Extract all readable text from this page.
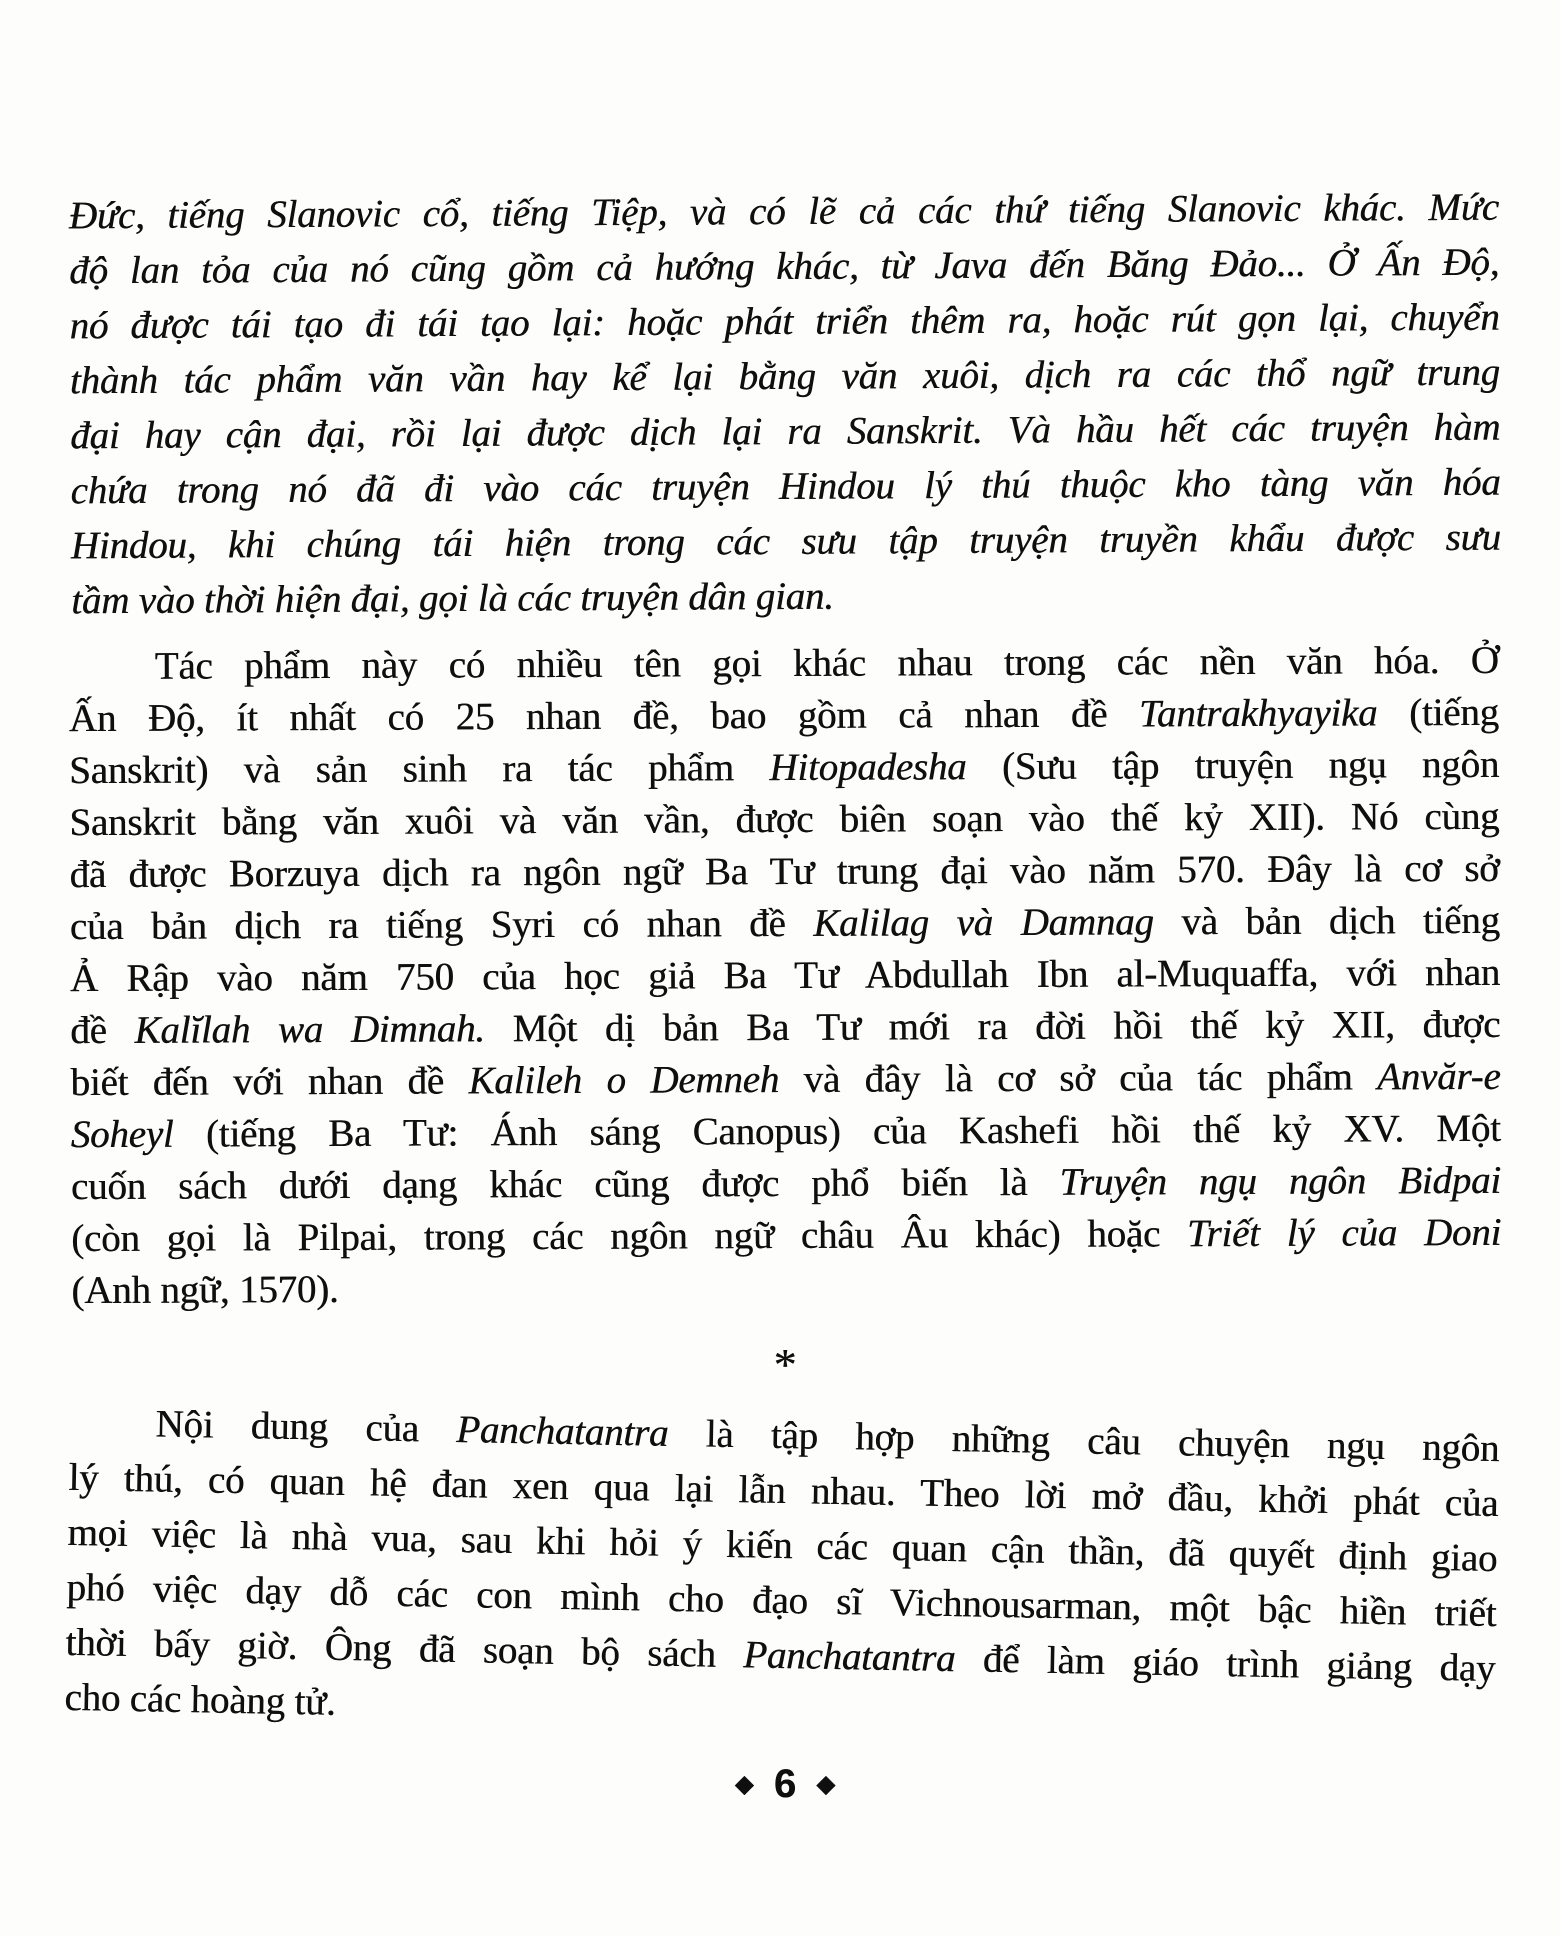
Đức, tiếng Slanovic cổ, tiếng Tiệp, và có lẽ cả các thứ tiếng Slanovic khác. Mức
độ lan tỏa của nó cũng gồm cả hướng khác, từ Java đến Băng Đảo... Ở Ấn Độ,
nó được tái tạo đi tái tạo lại: hoặc phát triển thêm ra, hoặc rút gọn lại, chuyển
thành tác phẩm văn vần hay kể lại bằng văn xuôi, dịch ra các thổ ngữ trung
đại hay cận đại, rồi lại được dịch lại ra Sanskrit. Và hầu hết các truyện hàm
chứa trong nó đã đi vào các truyện Hindou lý thú thuộc kho tàng văn hóa
Hindou, khi chúng tái hiện trong các sưu tập truyện truyền khẩu được sưu
tầm vào thời hiện đại, gọi là các truyện dân gian.
Tác phẩm này có nhiều tên gọi khác nhau trong các nền văn hóa. Ở
Ấn Độ, ít nhất có 25 nhan đề, bao gồm cả nhan đề Tantrakhyayika (tiếng
Sanskrit) và sản sinh ra tác phẩm Hitopadesha (Sưu tập truyện ngụ ngôn
Sanskrit bằng văn xuôi và văn vần, được biên soạn vào thế kỷ XII). Nó cùng
đã được Borzuya dịch ra ngôn ngữ Ba Tư trung đại vào năm 570. Đây là cơ sở
của bản dịch ra tiếng Syri có nhan đề Kalilag và Damnag và bản dịch tiếng
Ả Rập vào năm 750 của học giả Ba Tư Abdullah Ibn al-Muquaffa, với nhan
đề Kalĭlah wa Dimnah. Một dị bản Ba Tư mới ra đời hồi thế kỷ XII, được
biết đến với nhan đề Kalileh o Demneh và đây là cơ sở của tác phẩm Anvăr-e
Soheyl (tiếng Ba Tư: Ánh sáng Canopus) của Kashefi hồi thế kỷ XV. Một
cuốn sách dưới dạng khác cũng được phổ biến là Truyện ngụ ngôn Bidpai
(còn gọi là Pilpai, trong các ngôn ngữ châu Âu khác) hoặc Triết lý của Doni
(Anh ngữ, 1570).
*
Nội dung của Panchatantra là tập hợp những câu chuyện ngụ ngôn
lý thú, có quan hệ đan xen qua lại lẫn nhau. Theo lời mở đầu, khởi phát của
mọi việc là nhà vua, sau khi hỏi ý kiến các quan cận thần, đã quyết định giao
phó việc dạy dỗ các con mình cho đạo sĩ Vichnousarman, một bậc hiền triết
thời bấy giờ. Ông đã soạn bộ sách Panchatantra để làm giáo trình giảng dạy
cho các hoàng tử.
◆ 6 ◆
